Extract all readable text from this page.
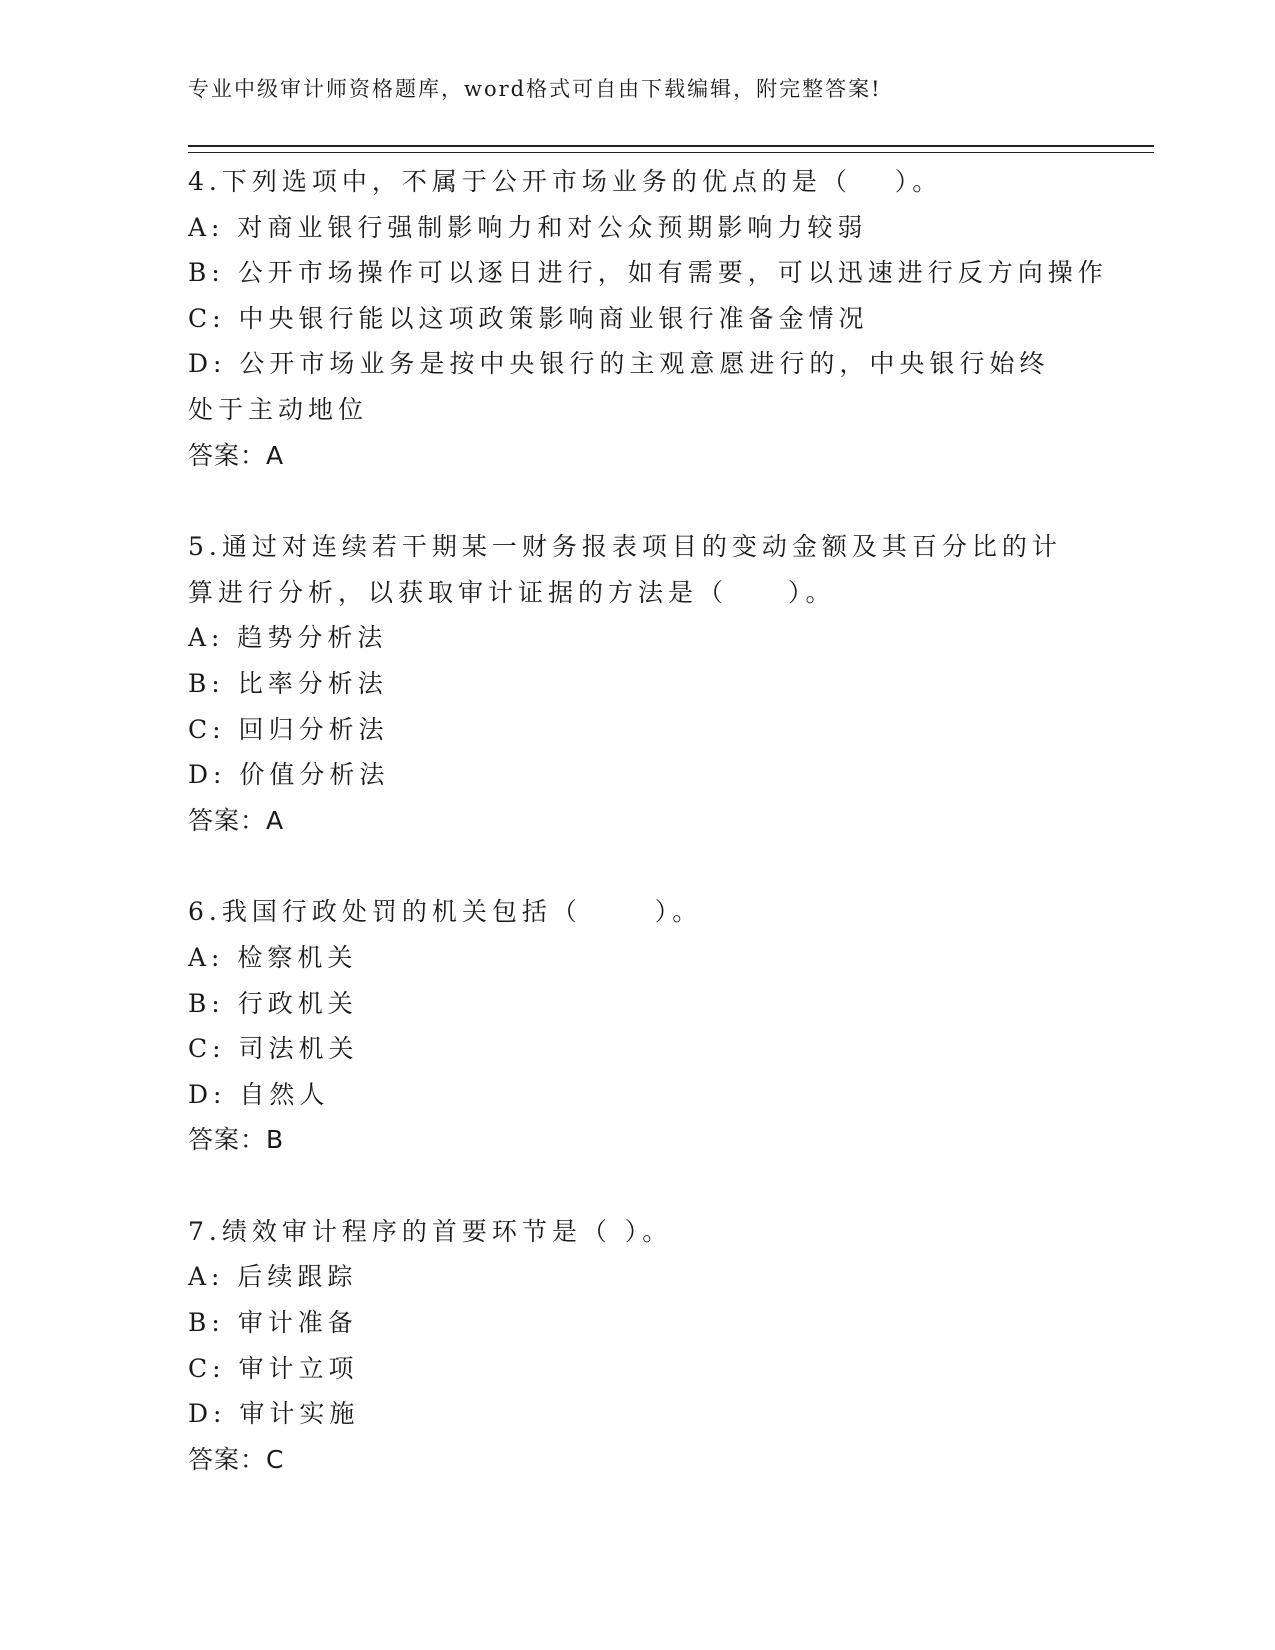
专业中级审计师资格题库，word格式可自由下载编辑，附完整答案!
4.下列选项中，不属于公开市场业务的优点的是（　 ）。
A: 对商业银行强制影响力和对公众预期影响力较弱
B: 公开市场操作可以逐日进行，如有需要，可以迅速进行反方向操作
C: 中央银行能以这项政策影响商业银行准备金情况
D: 公开市场业务是按中央银行的主观意愿进行的，中央银行始终处于主动地位
答案：A
5.通过对连续若干期某一财务报表项目的变动金额及其百分比的计算进行分析，以获取审计证据的方法是（　　）。
A: 趋势分析法
B: 比率分析法
C: 回归分析法
D: 价值分析法
答案：A
6.我国行政处罚的机关包括（　　 ）。
A: 检察机关
B: 行政机关
C: 司法机关
D: 自然人
答案：B
7.绩效审计程序的首要环节是（ ）。
A: 后续跟踪
B: 审计准备
C: 审计立项
D: 审计实施
答案：C
